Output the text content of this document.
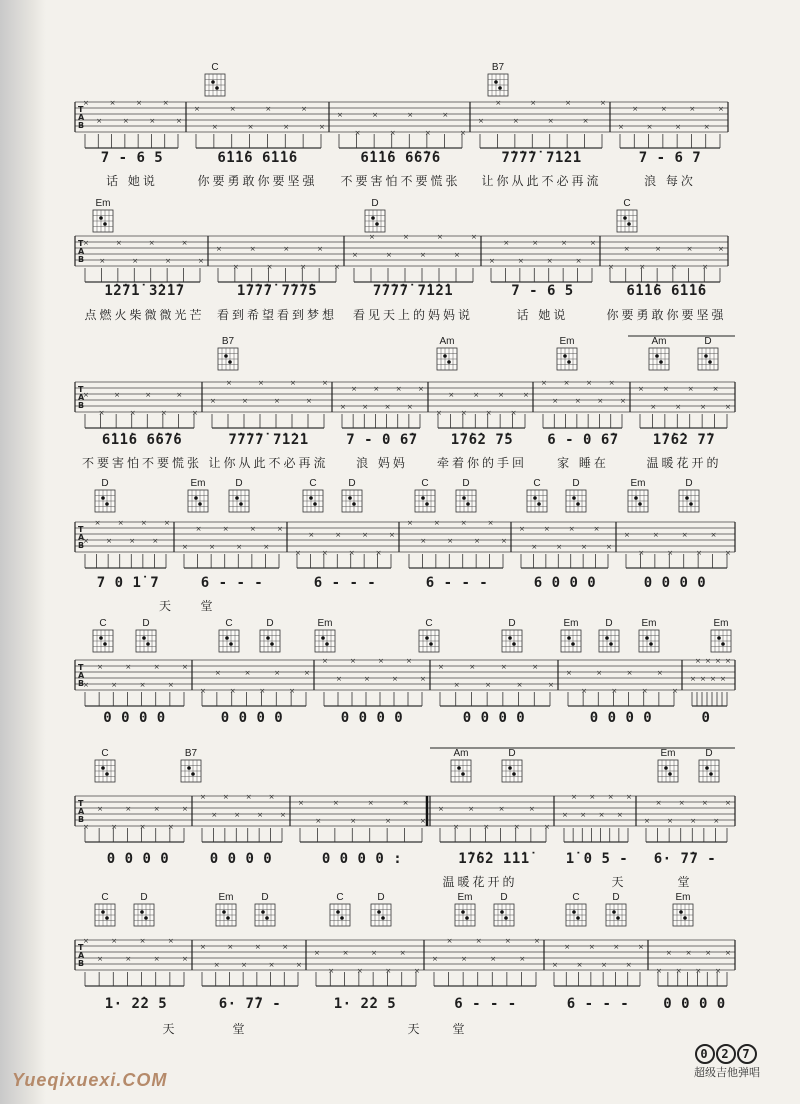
C	B7
7 - 6 5	6̇1̇1̇6 6̇1̇1̇6	6̇1̇1̇6 6̇6̇7̇6	7̇7̇7̇7̇ 7̇1̇2̇1	7 - 6 7
话 她说	你要勇敢你要坚强	不要害怕不要慌张	让你从此不必再流	浪 每次
Em	D	C
1̇2̇7̇1̇ 3̇2̇1̇7	1̇7̇7̇7̇ 7̇7̇7̇5	7̇7̇7̇7̇ 7̇1̇2̇1	7 - 6 5	6̇1̇1̇6 6̇1̇1̇6
点燃火柴微微光芒	看到希望看到梦想	看见天上的妈妈说	话 她说	你要勇敢你要坚强
B7	Am	Em	Am	D
6̇1̇1̇6 6̇6̇7̇6	7̇7̇7̇7̇ 7̇1̇2̇1	7 - 0 6̇7	1̇7̇6̇2 7̇5	6 - 0 6̇7	1̇7̇6̇2 7̇7
不要害怕不要慌张 让你从此不必再流	浪 妈妈	牵着你的手回	家 睡在	温暖花开的
D	Em	D	C	D	C	D	C	D	Em	D
7 0 1̇ 7	6 - - -	6 - - -	6 - - -	6 0 0 0	0 0 0 0
天	堂
C	D	C	D	Em	C	D	Em	D	Em	Em
0 0 0 0	0 0 0 0	0 0 0 0	0 0 0 0	0 0 0 0	0
C	B7	Am	D	Em	D
0 0 0 0	0 0 0 0	0 0 0 0 :	1̇7̇6̇2 1̇1̇1̇	1̇ 0 5 -	6· 7̇7 -
温暖花开的	天	堂
C	D	Em	D	C	D	Em	D	C	D	Em
1· 2̇2 5	6· 7̇7 -	1· 2̇2 5	6 - - -	6 - - -	0 0 0 0
天	堂	天	堂
T
A
B
×
×
×
×
×
×
×
×
×
×
×
×
×
×
×
×
×
×
×
×
×
×
×
×
×
×
×
×
×
×
×
×
×
×
×
×
×
×
×
×
T
A
B
×
×
×
×
×
×
×
×
×
×
×
×
×
×
×
×
×
×
×
×
×
×
×
×
×
×
×
×
×
×
×
×
×
×
×
×
×
×
×
×
T
A
B
×
×
×
×
×
×
×
×
×
×
×
×
×
×
×
×
×
×
×
×
×
×
×
×
×
×
×
×
×
×
×
×
×
×
×
×
×
×
×
×
×
×
×
×
×
×
×
×
T
A
B
×
×
×
×
×
×
×
×
×
×
×
×
×
×
×
×
×
×
×
×
×
×
×
×
×
×
×
×
×
×
×
×
×
×
×
×
×
×
×
×
×
×
×
×
×
×
×
×
T
A
B
×
×
×
×
×
×
×
×
×
×
×
×
×
×
×
×
×
×
×
×
×
×
×
×
×
×
×
×
×
×
×
×
×
×
×
×
×
×
×
×
×
×
×
×
×
×
×
×
T
A
B
×
×
×
×
×
×
×
×
×
×
×
×
×
×
×
×
×
×
×
×
×
×
×
×
×
×
×
×
×
×
×
×
×
×
×
×
×
×
×
×
×
×
×
×
×
×
×
×
T
A
B
×
×
×
×
×
×
×
×
×
×
×
×
×
×
×
×
×
×
×
×
×
×
×
×
×
×
×
×
×
×
×
×
×
×
×
×
×
×
×
×
×
×
×
×
×
×
×
×
0 2 7
超级吉他弹唱
Yueqixuexi.COM
